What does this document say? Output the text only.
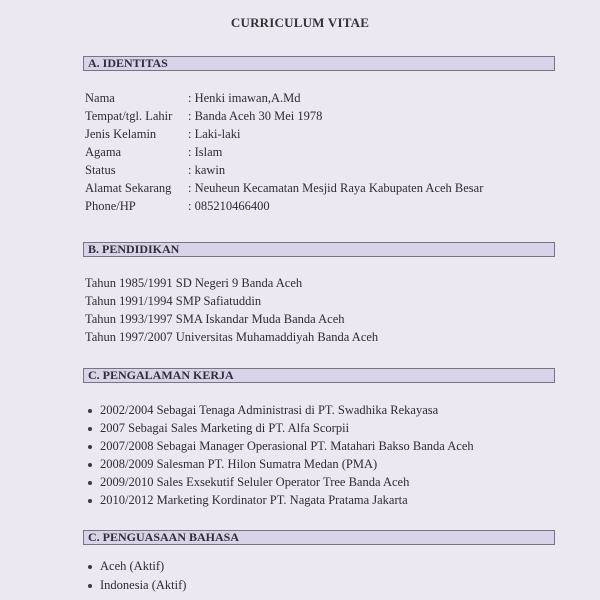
CURRICULUM VITAE
A. IDENTITAS
Nama	: Henki imawan,A.Md
Tempat/tgl. Lahir	: Banda Aceh 30 Mei 1978
Jenis Kelamin	: Laki-laki
Agama	: Islam
Status	: kawin
Alamat Sekarang	: Neuheun Kecamatan Mesjid Raya Kabupaten Aceh Besar
Phone/HP	: 085210466400
B. PENDIDIKAN
Tahun 1985/1991 SD Negeri 9 Banda Aceh
Tahun 1991/1994 SMP Safiatuddin
Tahun 1993/1997 SMA Iskandar Muda Banda Aceh
Tahun 1997/2007 Universitas Muhamaddiyah Banda Aceh
C. PENGALAMAN KERJA
2002/2004 Sebagai Tenaga Administrasi di PT. Swadhika Rekayasa
2007 Sebagai Sales Marketing di PT. Alfa Scorpii
2007/2008 Sebagai Manager Operasional PT. Matahari Bakso Banda Aceh
2008/2009 Salesman PT. Hilon Sumatra Medan (PMA)
2009/2010 Sales Exsekutif Seluler Operator Tree Banda Aceh
2010/2012 Marketing Kordinator PT. Nagata Pratama Jakarta
C. PENGUASAAN BAHASA
Aceh (Aktif)
Indonesia (Aktif)
